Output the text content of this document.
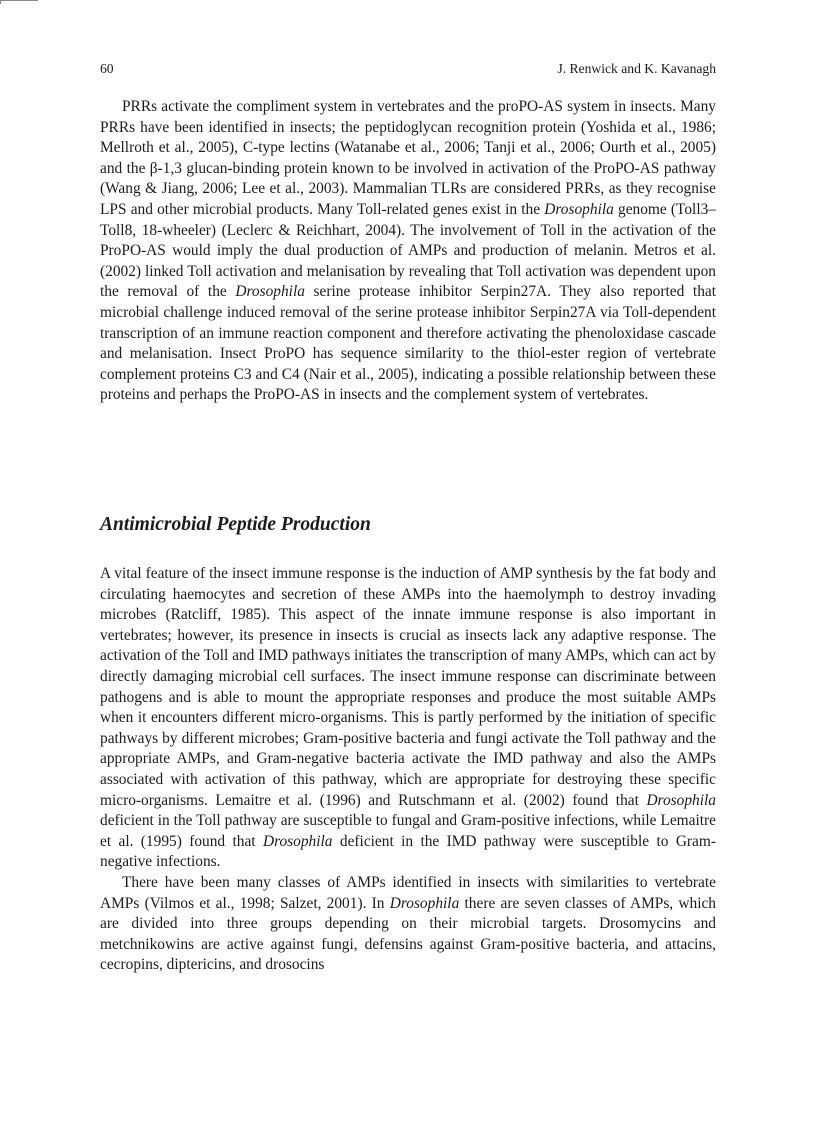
60	J. Renwick and K. Kavanagh

PRRs activate the compliment system in vertebrates and the proPO-AS system in insects. Many PRRs have been identified in insects; the peptidoglycan recognition protein (Yoshida et al., 1986; Mellroth et al., 2005), C-type lectins (Watanabe et al., 2006; Tanji et al., 2006; Ourth et al., 2005) and the β-1,3 glucan-binding protein known to be involved in activation of the ProPO-AS pathway (Wang & Jiang, 2006; Lee et al., 2003). Mammalian TLRs are considered PRRs, as they recognise LPS and other microbial products. Many Toll-related genes exist in the Drosophila genome (Toll3–Toll8, 18-wheeler) (Leclerc & Reichhart, 2004). The involvement of Toll in the activation of the ProPO-AS would imply the dual production of AMPs and production of melanin. Metros et al. (2002) linked Toll activation and melanisation by revealing that Toll activation was dependent upon the removal of the Drosophila serine protease inhibitor Serpin27A. They also reported that microbial challenge induced removal of the serine protease inhibitor Serpin27A via Toll-dependent transcription of an immune reaction component and therefore activating the phenoloxidase cascade and melanisation. Insect ProPO has sequence similarity to the thiol-ester region of vertebrate complement proteins C3 and C4 (Nair et al., 2005), indicating a possible relationship between these proteins and perhaps the ProPO-AS in insects and the complement system of vertebrates.

Antimicrobial Peptide Production

A vital feature of the insect immune response is the induction of AMP synthesis by the fat body and circulating haemocytes and secretion of these AMPs into the haemolymph to destroy invading microbes (Ratcliff, 1985). This aspect of the innate immune response is also important in vertebrates; however, its presence in insects is crucial as insects lack any adaptive response. The activation of the Toll and IMD pathways initiates the transcription of many AMPs, which can act by directly damaging microbial cell surfaces. The insect immune response can discriminate between pathogens and is able to mount the appropriate responses and produce the most suitable AMPs when it encounters different micro-organisms. This is partly performed by the initiation of specific pathways by different microbes; Gram-positive bacteria and fungi activate the Toll pathway and the appropriate AMPs, and Gram-negative bacteria activate the IMD pathway and also the AMPs associated with activation of this pathway, which are appropriate for destroying these specific micro-organisms. Lemaitre et al. (1996) and Rutschmann et al. (2002) found that Drosophila deficient in the Toll pathway are susceptible to fungal and Gram-positive infections, while Lemaitre et al. (1995) found that Drosophila deficient in the IMD pathway were susceptible to Gram-negative infections.

There have been many classes of AMPs identified in insects with similarities to vertebrate AMPs (Vilmos et al., 1998; Salzet, 2001). In Drosophila there are seven classes of AMPs, which are divided into three groups depending on their microbial targets. Drosomycins and metchnikowins are active against fungi, defensins against Gram-positive bacteria, and attacins, cecropins, diptericins, and drosocins
